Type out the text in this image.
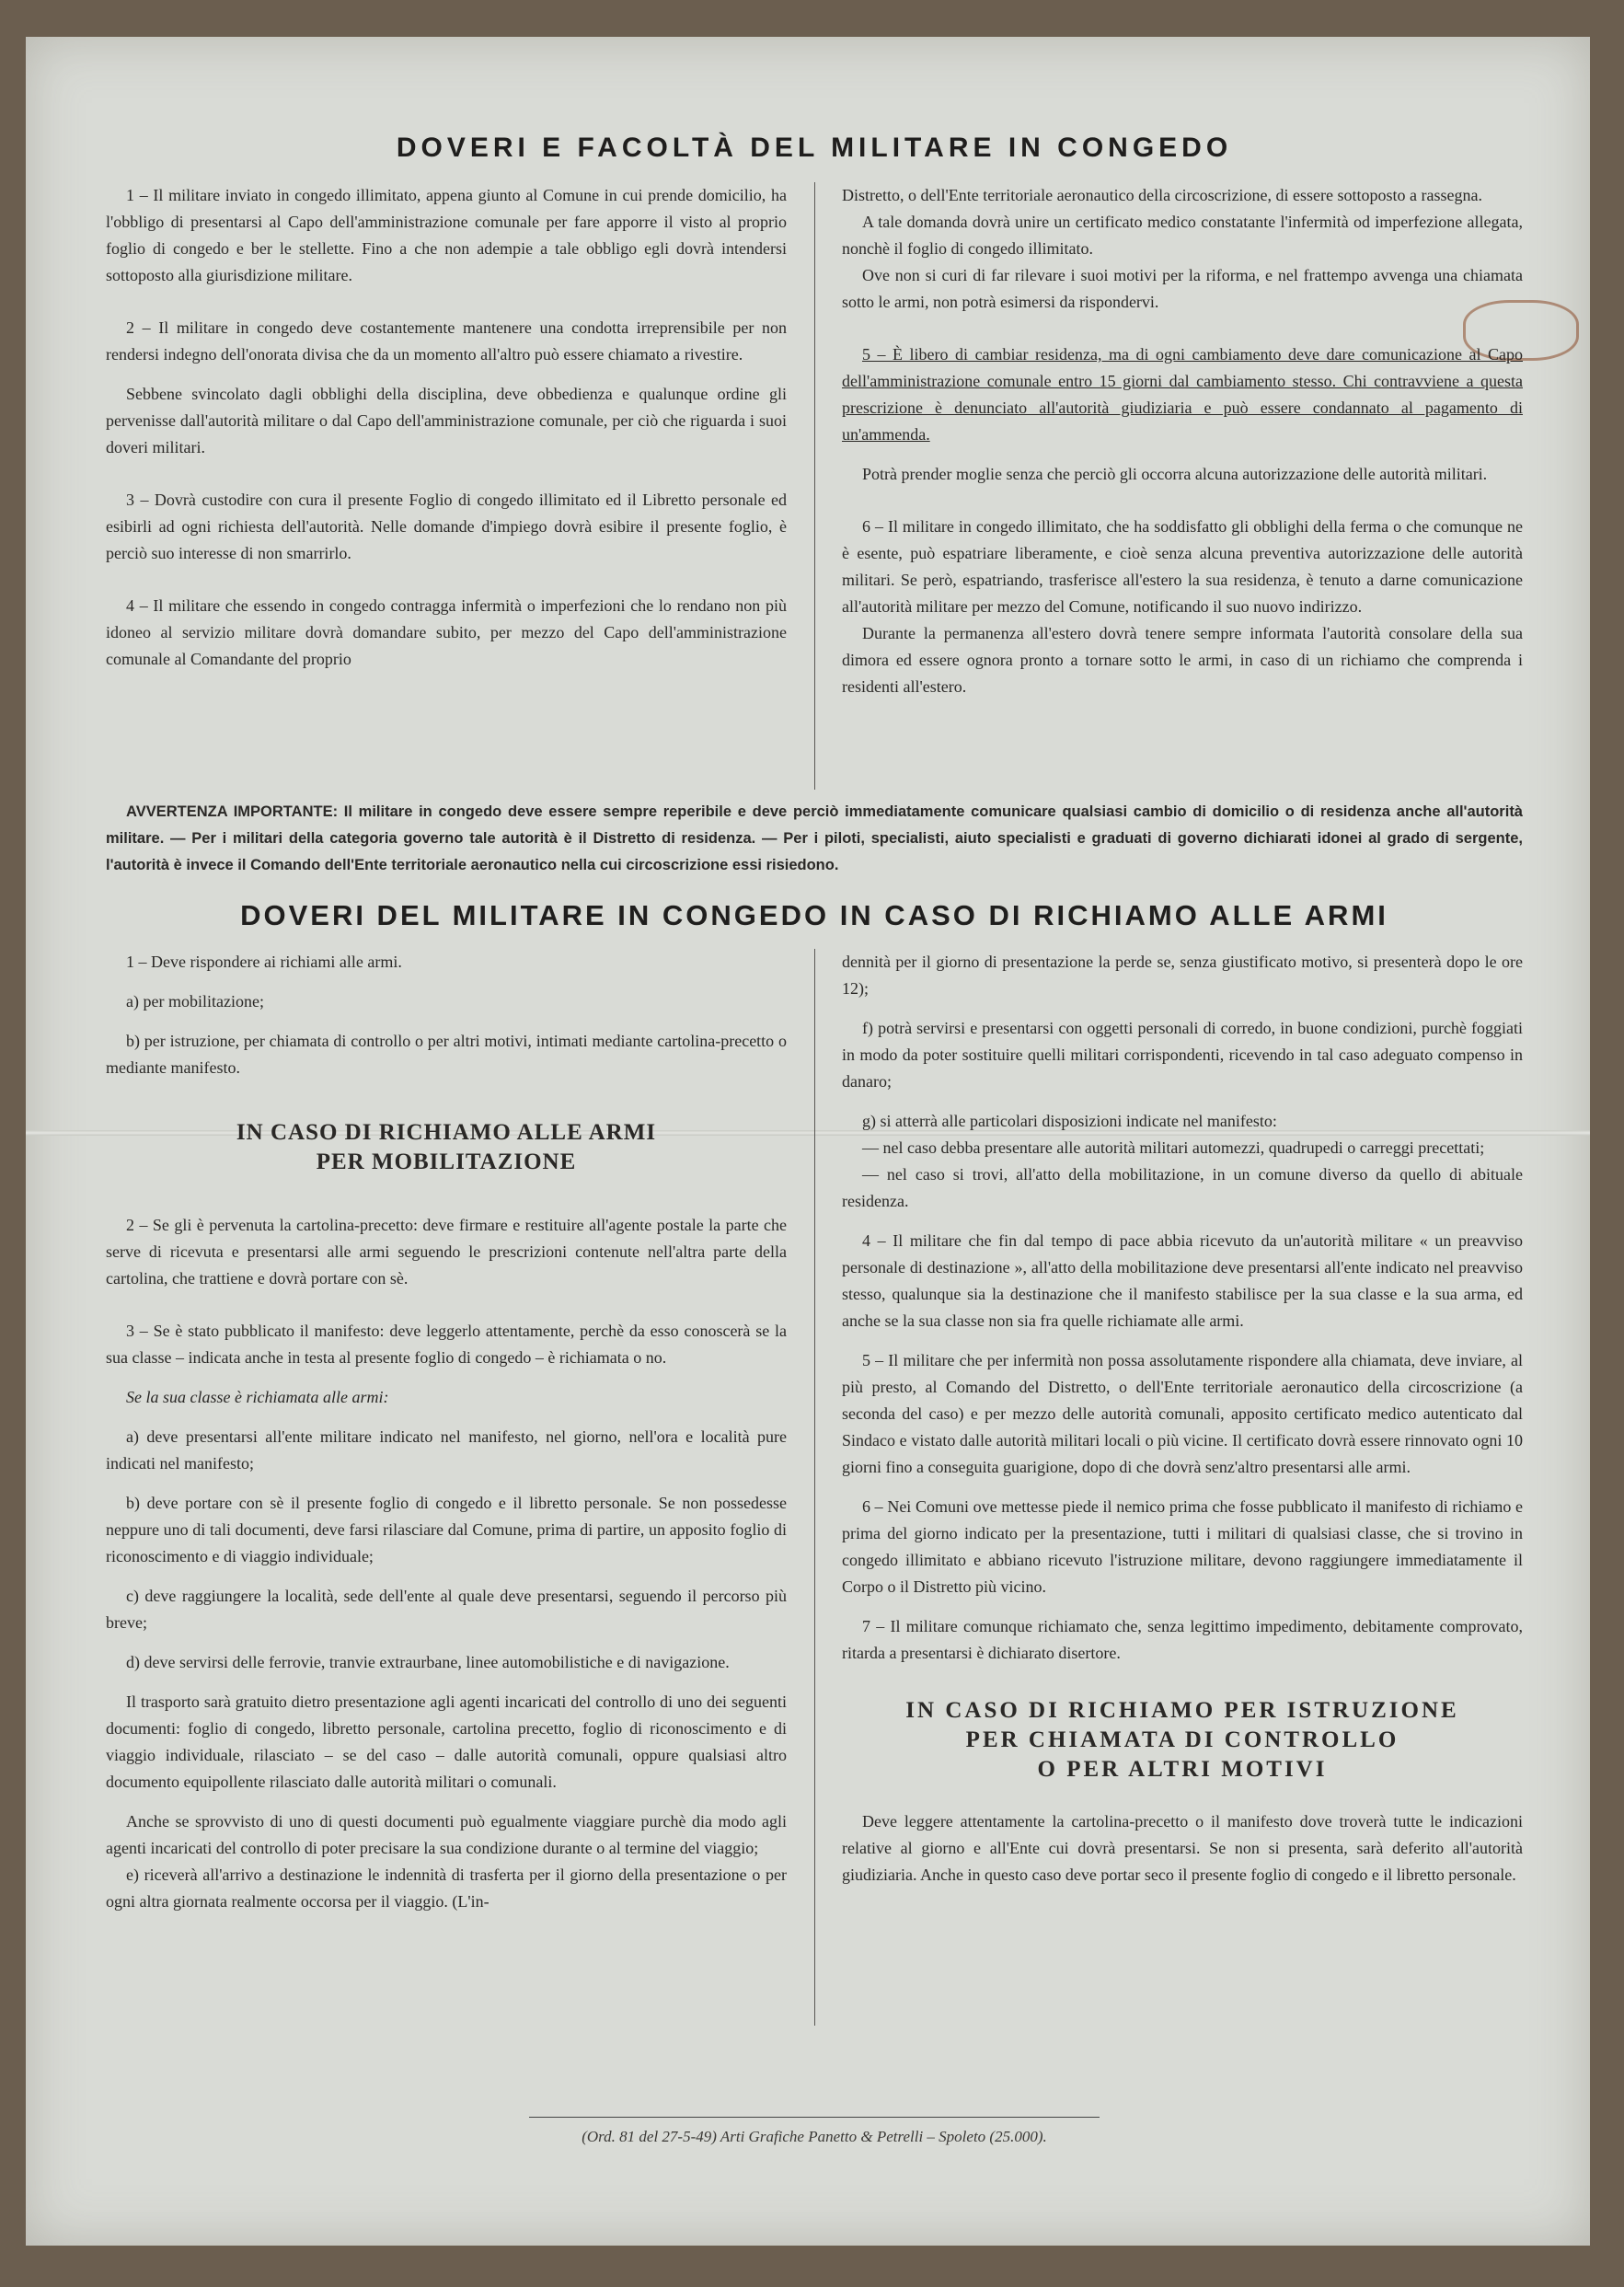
DOVERI E FACOLTÀ DEL MILITARE IN CONGEDO

1 – Il militare inviato in congedo illimitato, appena giunto al Comune in cui prende domicilio, ha l'obbligo di presentarsi al Capo dell'amministrazione comunale per fare apporre il visto al proprio foglio di congedo e ber le stellette. Fino a che non adempie a tale obbligo egli dovrà intendersi sottoposto alla giurisdizione militare.

2 – Il militare in congedo deve costantemente mantenere una condotta irreprensibile per non rendersi indegno dell'onorata divisa che da un momento all'altro può essere chiamato a rivestire.

Sebbene svincolato dagli obblighi della disciplina, deve obbedienza e qualunque ordine gli pervenisse dall'autorità militare o dal Capo dell'amministrazione comunale, per ciò che riguarda i suoi doveri militari.

3 – Dovrà custodire con cura il presente Foglio di congedo illimitato ed il Libretto personale ed esibirli ad ogni richiesta dell'autorità. Nelle domande d'impiego dovrà esibire il presente foglio, è perciò suo interesse di non smarrirlo.

4 – Il militare che essendo in congedo contragga infermità o imperfezioni che lo rendano non più idoneo al servizio militare dovrà domandare subito, per mezzo del Capo dell'amministrazione comunale al Comandante del proprio

Distretto, o dell'Ente territoriale aeronautico della circoscrizione, di essere sottoposto a rassegna.

A tale domanda dovrà unire un certificato medico constatante l'infermità od imperfezione allegata, nonchè il foglio di congedo illimitato.

Ove non si curi di far rilevare i suoi motivi per la riforma, e nel frattempo avvenga una chiamata sotto le armi, non potrà esimersi da rispondervi.

5 – È libero di cambiar residenza, ma di ogni cambiamento deve dare comunicazione al Capo dell'amministrazione comunale entro 15 giorni dal cambiamento stesso. Chi contravviene a questa prescrizione è denunciato all'autorità giudiziaria e può essere condannato al pagamento di un'ammenda.

Potrà prender moglie senza che perciò gli occorra alcuna autorizzazione delle autorità militari.

6 – Il militare in congedo illimitato, che ha soddisfatto gli obblighi della ferma o che comunque ne è esente, può espatriare liberamente, e cioè senza alcuna preventiva autorizzazione delle autorità militari. Se però, espatriando, trasferisce all'estero la sua residenza, è tenuto a darne comunicazione all'autorità militare per mezzo del Comune, notificando il suo nuovo indirizzo.

Durante la permanenza all'estero dovrà tenere sempre informata l'autorità consolare della sua dimora ed essere ognora pronto a tornare sotto le armi, in caso di un richiamo che comprenda i residenti all'estero.

AVVERTENZA IMPORTANTE: Il militare in congedo deve essere sempre reperibile e deve perciò immediatamente comunicare qualsiasi cambio di domicilio o di residenza anche all'autorità militare. — Per i militari della categoria governo tale autorità è il Distretto di residenza. — Per i piloti, specialisti, aiuto specialisti e graduati di governo dichiarati idonei al grado di sergente, l'autorità è invece il Comando dell'Ente territoriale aeronautico nella cui circoscrizione essi risiedono.
DOVERI DEL MILITARE IN CONGEDO IN CASO DI RICHIAMO ALLE ARMI

1 – Deve rispondere ai richiami alle armi.

a) per mobilitazione;

b) per istruzione, per chiamata di controllo o per altri motivi, intimati mediante cartolina-precetto o mediante manifesto.

IN CASO DI RICHIAMO ALLE ARMI
PER MOBILITAZIONE

2 – Se gli è pervenuta la cartolina-precetto: deve firmare e restituire all'agente postale la parte che serve di ricevuta e presentarsi alle armi seguendo le prescrizioni contenute nell'altra parte della cartolina, che trattiene e dovrà portare con sè.

3 – Se è stato pubblicato il manifesto: deve leggerlo attentamente, perchè da esso conoscerà se la sua classe – indicata anche in testa al presente foglio di congedo – è richiamata o no.

Se la sua classe è richiamata alle armi:

a) deve presentarsi all'ente militare indicato nel manifesto, nel giorno, nell'ora e località pure indicati nel manifesto;

b) deve portare con sè il presente foglio di congedo e il libretto personale. Se non possedesse neppure uno di tali documenti, deve farsi rilasciare dal Comune, prima di partire, un apposito foglio di riconoscimento e di viaggio individuale;

c) deve raggiungere la località, sede dell'ente al quale deve presentarsi, seguendo il percorso più breve;

d) deve servirsi delle ferrovie, tranvie extraurbane, linee automobilistiche e di navigazione.

Il trasporto sarà gratuito dietro presentazione agli agenti incaricati del controllo di uno dei seguenti documenti: foglio di congedo, libretto personale, cartolina precetto, foglio di riconoscimento e di viaggio individuale, rilasciato – se del caso – dalle autorità comunali, oppure qualsiasi altro documento equipollente rilasciato dalle autorità militari o comunali.

Anche se sprovvisto di uno di questi documenti può egualmente viaggiare purchè dia modo agli agenti incaricati del controllo di poter precisare la sua condizione durante o al termine del viaggio;

e) riceverà all'arrivo a destinazione le indennità di trasferta per il giorno della presentazione o per ogni altra giornata realmente occorsa per il viaggio. (L'in-

dennità per il giorno di presentazione la perde se, senza giustificato motivo, si presenterà dopo le ore 12);

f) potrà servirsi e presentarsi con oggetti personali di corredo, in buone condizioni, purchè foggiati in modo da poter sostituire quelli militari corrispondenti, ricevendo in tal caso adeguato compenso in danaro;

g) si atterrà alle particolari disposizioni indicate nel manifesto:

— nel caso debba presentare alle autorità militari automezzi, quadrupedi o carreggi precettati;

— nel caso si trovi, all'atto della mobilitazione, in un comune diverso da quello di abituale residenza.

4 – Il militare che fin dal tempo di pace abbia ricevuto da un'autorità militare « un preavviso personale di destinazione », all'atto della mobilitazione deve presentarsi all'ente indicato nel preavviso stesso, qualunque sia la destinazione che il manifesto stabilisce per la sua classe e la sua arma, ed anche se la sua classe non sia fra quelle richiamate alle armi.

5 – Il militare che per infermità non possa assolutamente rispondere alla chiamata, deve inviare, al più presto, al Comando del Distretto, o dell'Ente territoriale aeronautico della circoscrizione (a seconda del caso) e per mezzo delle autorità comunali, apposito certificato medico autenticato dal Sindaco e vistato dalle autorità militari locali o più vicine. Il certificato dovrà essere rinnovato ogni 10 giorni fino a conseguita guarigione, dopo di che dovrà senz'altro presentarsi alle armi.

6 – Nei Comuni ove mettesse piede il nemico prima che fosse pubblicato il manifesto di richiamo e prima del giorno indicato per la presentazione, tutti i militari di qualsiasi classe, che si trovino in congedo illimitato e abbiano ricevuto l'istruzione militare, devono raggiungere immediatamente il Corpo o il Distretto più vicino.

7 – Il militare comunque richiamato che, senza legittimo impedimento, debitamente comprovato, ritarda a presentarsi è dichiarato disertore.

IN CASO DI RICHIAMO PER ISTRUZIONE
PER CHIAMATA DI CONTROLLO
O PER ALTRI MOTIVI

Deve leggere attentamente la cartolina-precetto o il manifesto dove troverà tutte le indicazioni relative al giorno e all'Ente cui dovrà presentarsi. Se non si presenta, sarà deferito all'autorità giudiziaria. Anche in questo caso deve portar seco il presente foglio di congedo e il libretto personale.

(Ord. 81 del 27-5-49) Arti Grafiche Panetto & Petrelli – Spoleto (25.000).
